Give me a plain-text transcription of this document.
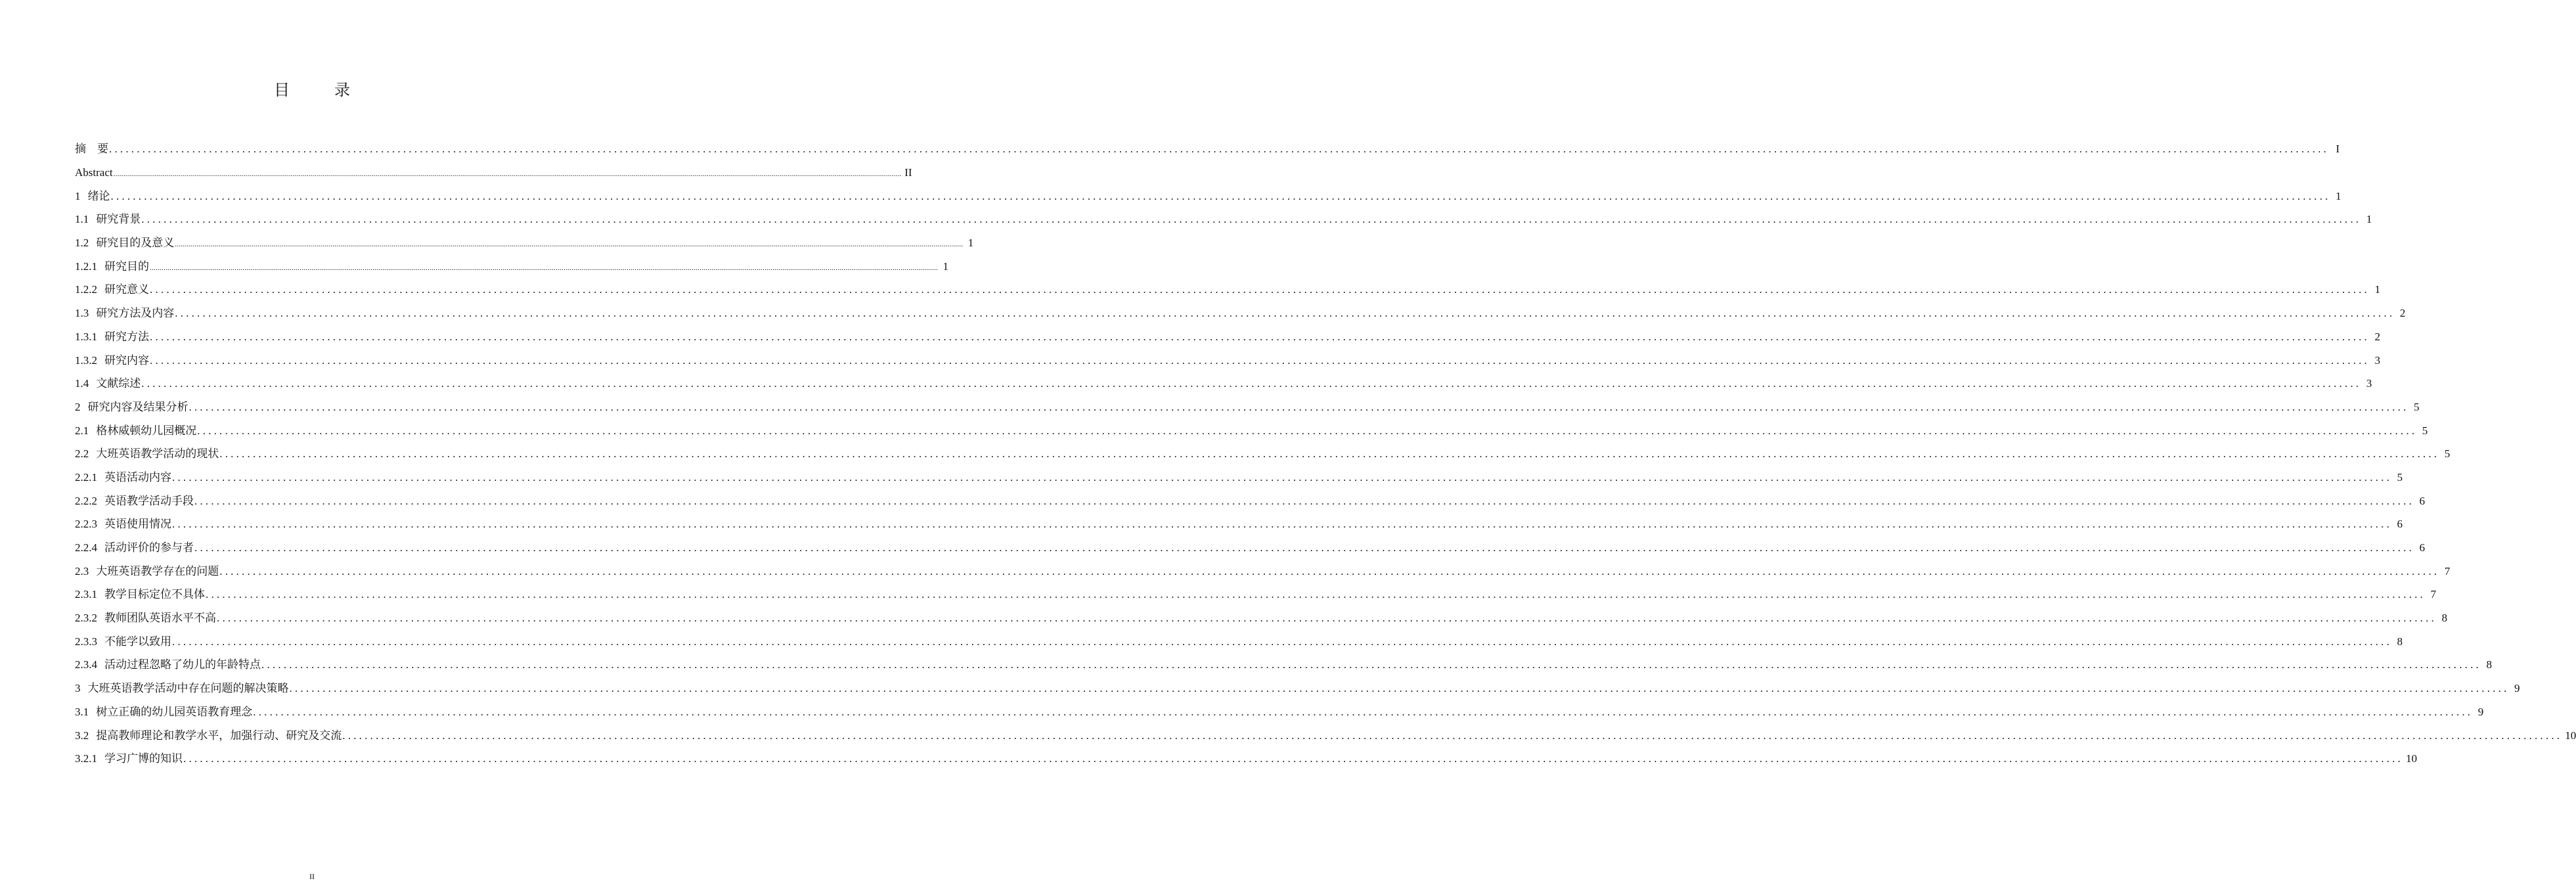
目　录
摘　要 ................................................................................................................................................................................................................................................................................................................................................................................................................ I
Abstract ................................................................................................................................................................................................................................................................................................................................................................................................................ II
1 绪论 ................................................................................................................................................................................................................................................................................................................................................................................................................ 1
1.1 研究背景 ................................................................................................................................................................................................................................................................................................................................................................................................................ 1
1.2 研究目的及意义 ................................................................................................................................................................................................................................................................................................................................................................................................................ 1
1.2.1 研究目的 ................................................................................................................................................................................................................................................................................................................................................................................................................ 1
1.2.2 研究意义 ................................................................................................................................................................................................................................................................................................................................................................................................................ 1
1.3 研究方法及内容 ................................................................................................................................................................................................................................................................................................................................................................................................................ 2
1.3.1 研究方法 ................................................................................................................................................................................................................................................................................................................................................................................................................ 2
1.3.2 研究内容 ................................................................................................................................................................................................................................................................................................................................................................................................................ 3
1.4 文献综述 ................................................................................................................................................................................................................................................................................................................................................................................................................ 3
2 研究内容及结果分析 ................................................................................................................................................................................................................................................................................................................................................................................................................ 5
2.1 格林威顿幼儿园概况 ................................................................................................................................................................................................................................................................................................................................................................................................................ 5
2.2 大班英语教学活动的现状 ................................................................................................................................................................................................................................................................................................................................................................................................................ 5
2.2.1 英语活动内容 ................................................................................................................................................................................................................................................................................................................................................................................................................ 5
2.2.2 英语教学活动手段 ................................................................................................................................................................................................................................................................................................................................................................................................................ 6
2.2.3 英语使用情况 ................................................................................................................................................................................................................................................................................................................................................................................................................ 6
2.2.4 活动评价的参与者 ................................................................................................................................................................................................................................................................................................................................................................................................................ 6
2.3 大班英语教学存在的问题 ................................................................................................................................................................................................................................................................................................................................................................................................................ 7
2.3.1 教学目标定位不具体 ................................................................................................................................................................................................................................................................................................................................................................................................................ 7
2.3.2 教师团队英语水平不高 ................................................................................................................................................................................................................................................................................................................................................................................................................ 8
2.3.3 不能学以致用 ................................................................................................................................................................................................................................................................................................................................................................................................................ 8
2.3.4 活动过程忽略了幼儿的年龄特点 ................................................................................................................................................................................................................................................................................................................................................................................................................ 8
3 大班英语教学活动中存在问题的解决策略 ................................................................................................................................................................................................................................................................................................................................................................................................................ 9
3.1 树立正确的幼儿园英语教育理念 ................................................................................................................................................................................................................................................................................................................................................................................................................ 9
3.2 提高教师理论和教学水平，加强行动、研究及交流 ................................................................................................................................................................................................................................................................................................................................................................................................................ 10
3.2.1 学习广博的知识 ................................................................................................................................................................................................................................................................................................................................................................................................................ 10
II
